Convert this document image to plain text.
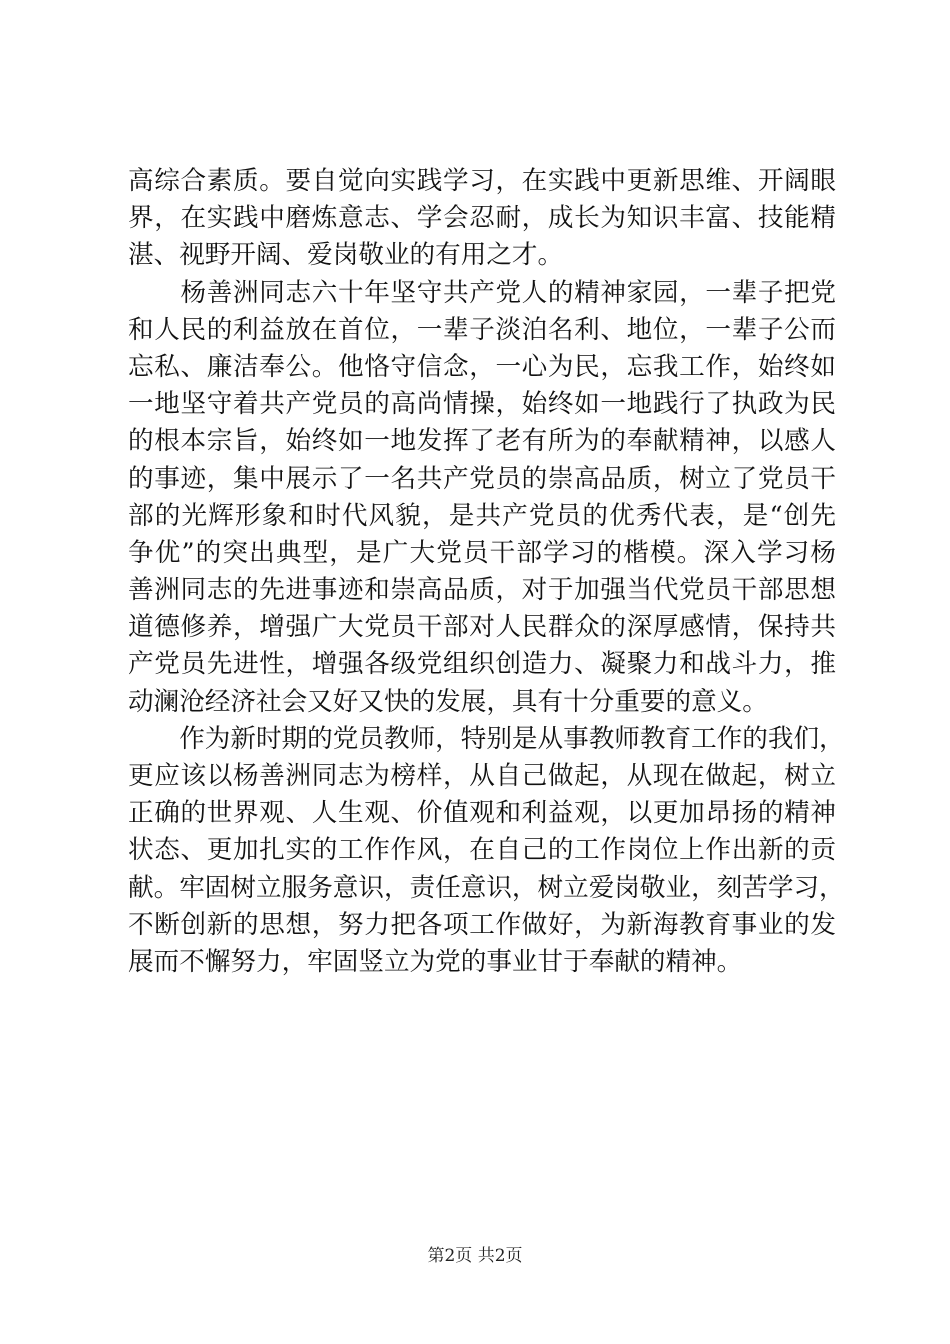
高综合素质。要自觉向实践学习，在实践中更新思维、开阔眼
界，在实践中磨炼意志、学会忍耐，成长为知识丰富、技能精
湛、视野开阔、爱岗敬业的有用之才。
　　杨善洲同志六十年坚守共产党人的精神家园，一辈子把党
和人民的利益放在首位，一辈子淡泊名利、地位，一辈子公而
忘私、廉洁奉公。他恪守信念，一心为民，忘我工作，始终如
一地坚守着共产党员的高尚情操，始终如一地践行了执政为民
的根本宗旨，始终如一地发挥了老有所为的奉献精神，以感人
的事迹，集中展示了一名共产党员的崇高品质，树立了党员干
部的光辉形象和时代风貌，是共产党员的优秀代表，是“创先
争优”的突出典型，是广大党员干部学习的楷模。深入学习杨
善洲同志的先进事迹和崇高品质，对于加强当代党员干部思想
道德修养，增强广大党员干部对人民群众的深厚感情，保持共
产党员先进性，增强各级党组织创造力、凝聚力和战斗力，推
动澜沧经济社会又好又快的发展，具有十分重要的意义。
　　作为新时期的党员教师，特别是从事教师教育工作的我们，
更应该以杨善洲同志为榜样，从自己做起，从现在做起，树立
正确的世界观、人生观、价值观和利益观，以更加昂扬的精神
状态、更加扎实的工作作风，在自己的工作岗位上作出新的贡
献。牢固树立服务意识，责任意识，树立爱岗敬业，刻苦学习，
不断创新的思想，努力把各项工作做好，为新海教育事业的发
展而不懈努力，牢固竖立为党的事业甘于奉献的精神。
第2页 共2页
